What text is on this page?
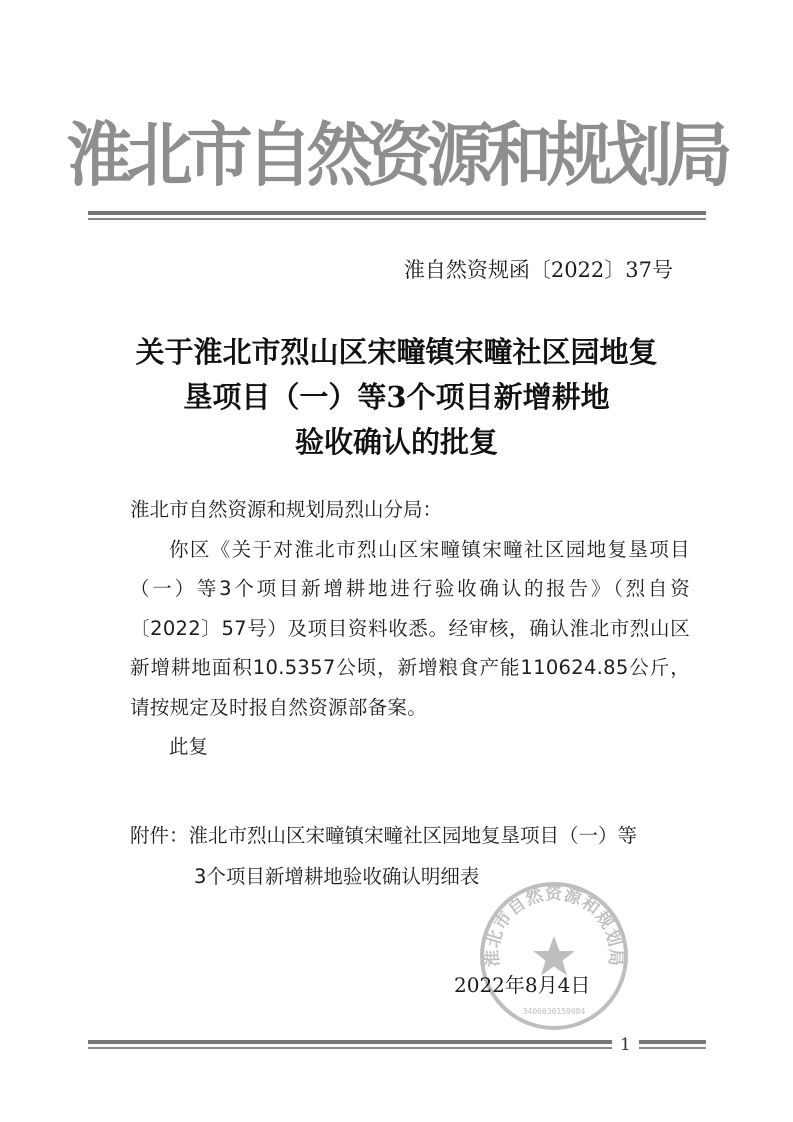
淮北市自然资源和规划局
淮自然资规函〔2022〕37号
关于淮北市烈山区宋疃镇宋疃社区园地复
垦项目（一）等3个项目新增耕地
验收确认的批复
淮北市自然资源和规划局烈山分局：

你区《关于对淮北市烈山区宋疃镇宋疃社区园地复垦项目（一）等3个项目新增耕地进行验收确认的报告》（烈自资〔2022〕57号）及项目资料收悉。经审核，确认淮北市烈山区新增耕地面积10.5357公顷，新增粮食产能110624.85公斤，请按规定及时报自然资源部备案。

此复

附件：淮北市烈山区宋疃镇宋疃社区园地复垦项目（一）等
3个项目新增耕地验收确认明细表
淮北市自然资源和规划局
3406030159084
2022年8月4日
1
